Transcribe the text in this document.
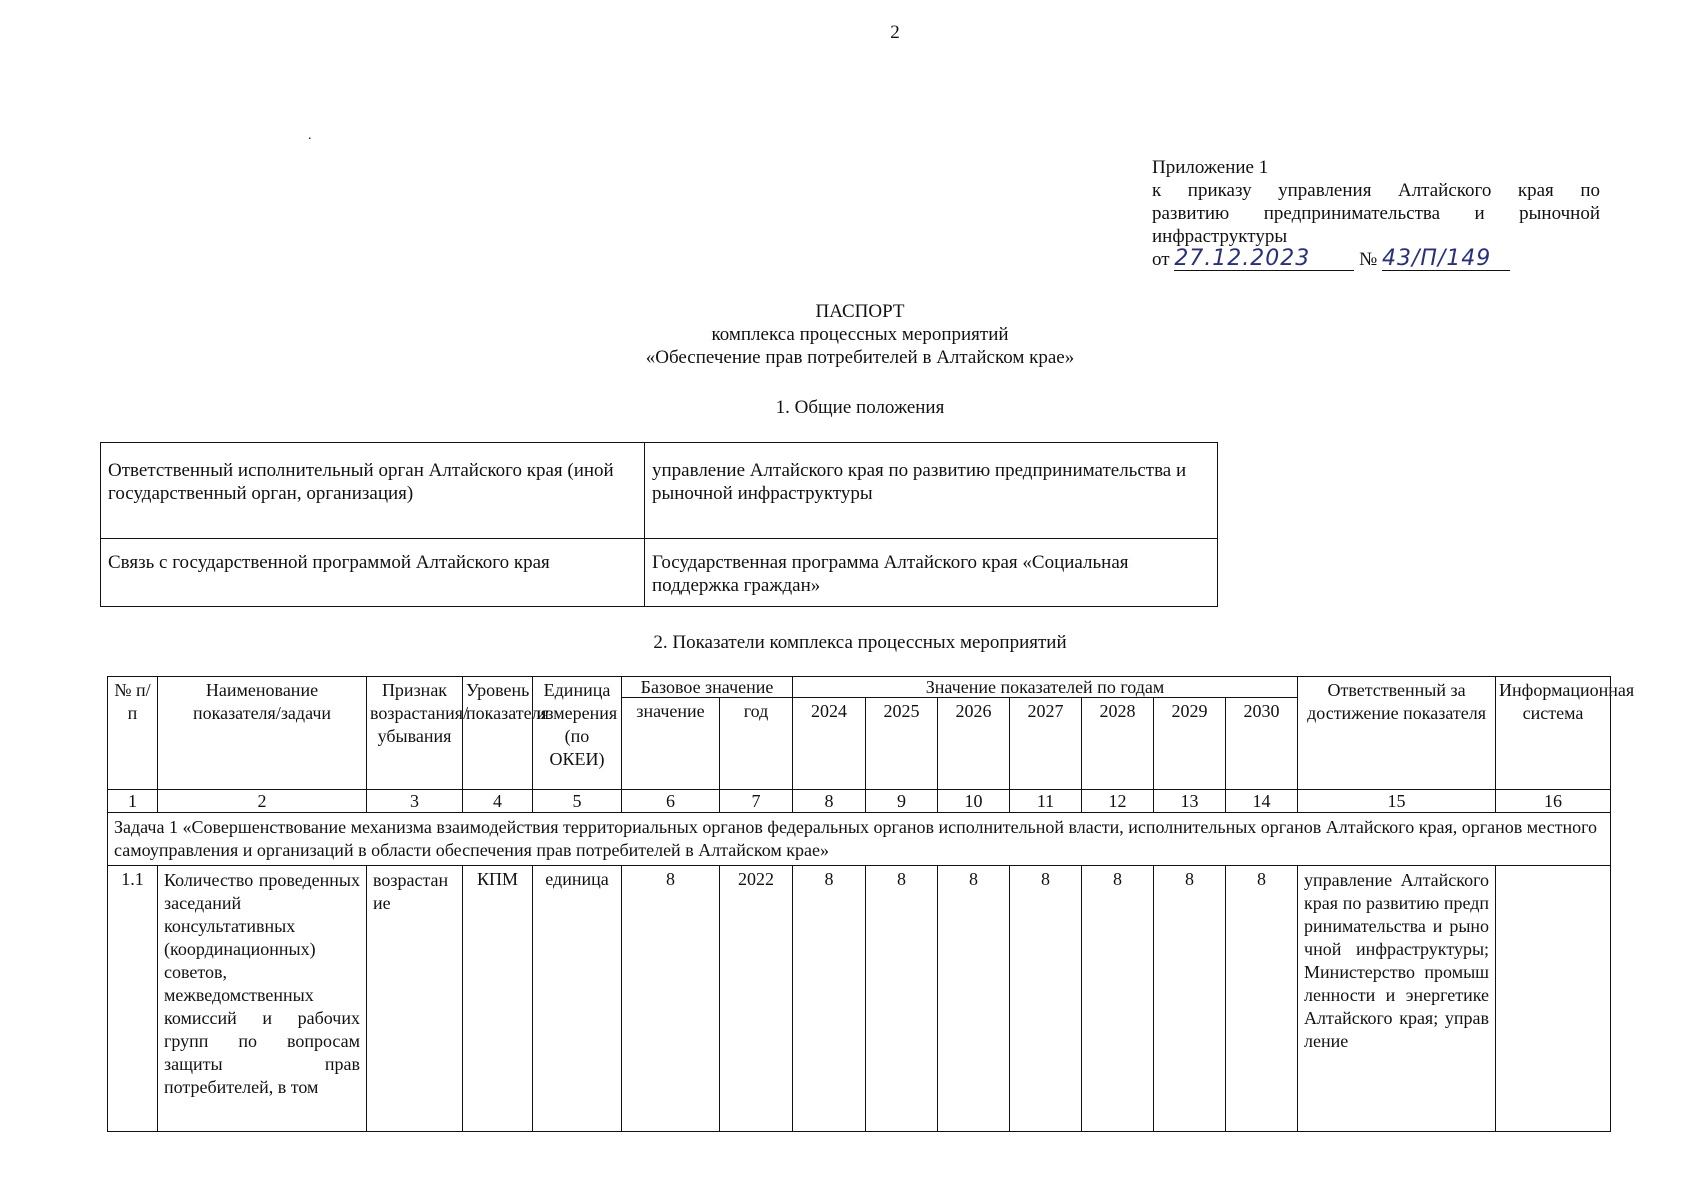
2
.
Приложение 1
к приказу управления Алтайского края по
развитию предпринимательства и рыночной
инфраструктуры
от 27.12.2023	№ 43/П/149
ПАСПОРТ
комплекса процессных мероприятий
«Обеспечение прав потребителей в Алтайском крае»
1. Общие положения
Ответственный исполнительный орган Алтайского края (иной государственный орган, организация)	управление Алтайского края по развитию предпринимательства и рыночной инфраструктуры
Связь с государственной программой Алтайского края	Государственная программа Алтайского края «Социальная поддержка граждан»
2. Показатели комплекса процессных мероприятий
№ п/п	Наименование показателя/задачи	Признак возрастания/ убывания	Уровень показателя	Единица измерения (по ОКЕИ)	Базовое значение		Значение показателей по годам							Ответственный за достижение показателя	Информационная система
					значение	год	2024	2025	2026	2027	2028	2029	2030		
1	2	3	4	5	6	7	8	9	10	11	12	13	14	15	16
Задача 1 «Совершенствование механизма взаимодействия территориальных органов федеральных органов исполнительной власти, исполнительных органов Алтайского края, органов местного самоуправления и организаций в области обеспечения прав потребителей в Алтайском крае»															
1.1	Количество проведенных заседаний консультативных (координационных) советов, межведомственных комиссий и рабочих групп по вопросам защиты прав потребителей, в том	возрастание	КПМ	единица	8	2022	8	8	8	8	8	8	8	управление Алтайского края по развитию предпринимательства и рыночной инфраструктуры; Министерство промышленности и энергетике Алтайского края; управление	
